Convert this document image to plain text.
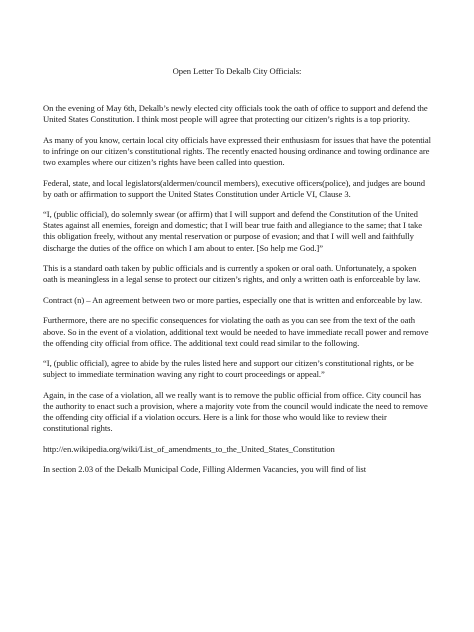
Open Letter To Dekalb City Officials:

On the evening of May 6th, Dekalb’s newly elected city officials took the oath of office to support and defend the United States Constitution. I think most people will agree that protecting our citizen’s rights is a top priority.

As many of you know, certain local city officials have expressed their enthusiasm for issues that have the potential to infringe on our citizen’s constitutional rights. The recently enacted housing ordinance and towing ordinance are two examples where our citizen’s rights have been called into question.

Federal, state, and local legislators(aldermen/council members), executive officers(police), and judges are bound by oath or affirmation to support the United States Constitution under Article VI, Clause 3.

“I, (public official), do solemnly swear (or affirm) that I will support and defend the Constitution of the United States against all enemies, foreign and domestic; that I will bear true faith and allegiance to the same; that I take this obligation freely, without any mental reservation or purpose of evasion; and that I will well and faithfully discharge the duties of the office on which I am about to enter. [So help me God.]”

This is a standard oath taken by public officials and is currently a spoken or oral oath. Unfortunately, a spoken oath is meaningless in a legal sense to protect our citizen’s rights, and only a written oath is enforceable by law.

Contract (n) – An agreement between two or more parties, especially one that is written and enforceable by law.

Furthermore, there are no specific consequences for violating the oath as you can see from the text of the oath above. So in the event of a violation, additional text would be needed to have immediate recall power and remove the offending city official from office. The additional text could read similar to the following.

“I, (public official), agree to abide by the rules listed here and support our citizen’s constitutional rights, or be subject to immediate termination waving any right to court proceedings or appeal.”

Again, in the case of a violation, all we really want is to remove the public official from office. City council has the authority to enact such a provision, where a majority vote from the council would indicate the need to remove the offending city official if a violation occurs. Here is a link for those who would like to review their constitutional rights.

http://en.wikipedia.org/wiki/List_of_amendments_to_the_United_States_Constitution

In section 2.03 of the Dekalb Municipal Code, Filling Aldermen Vacancies, you will find of list
